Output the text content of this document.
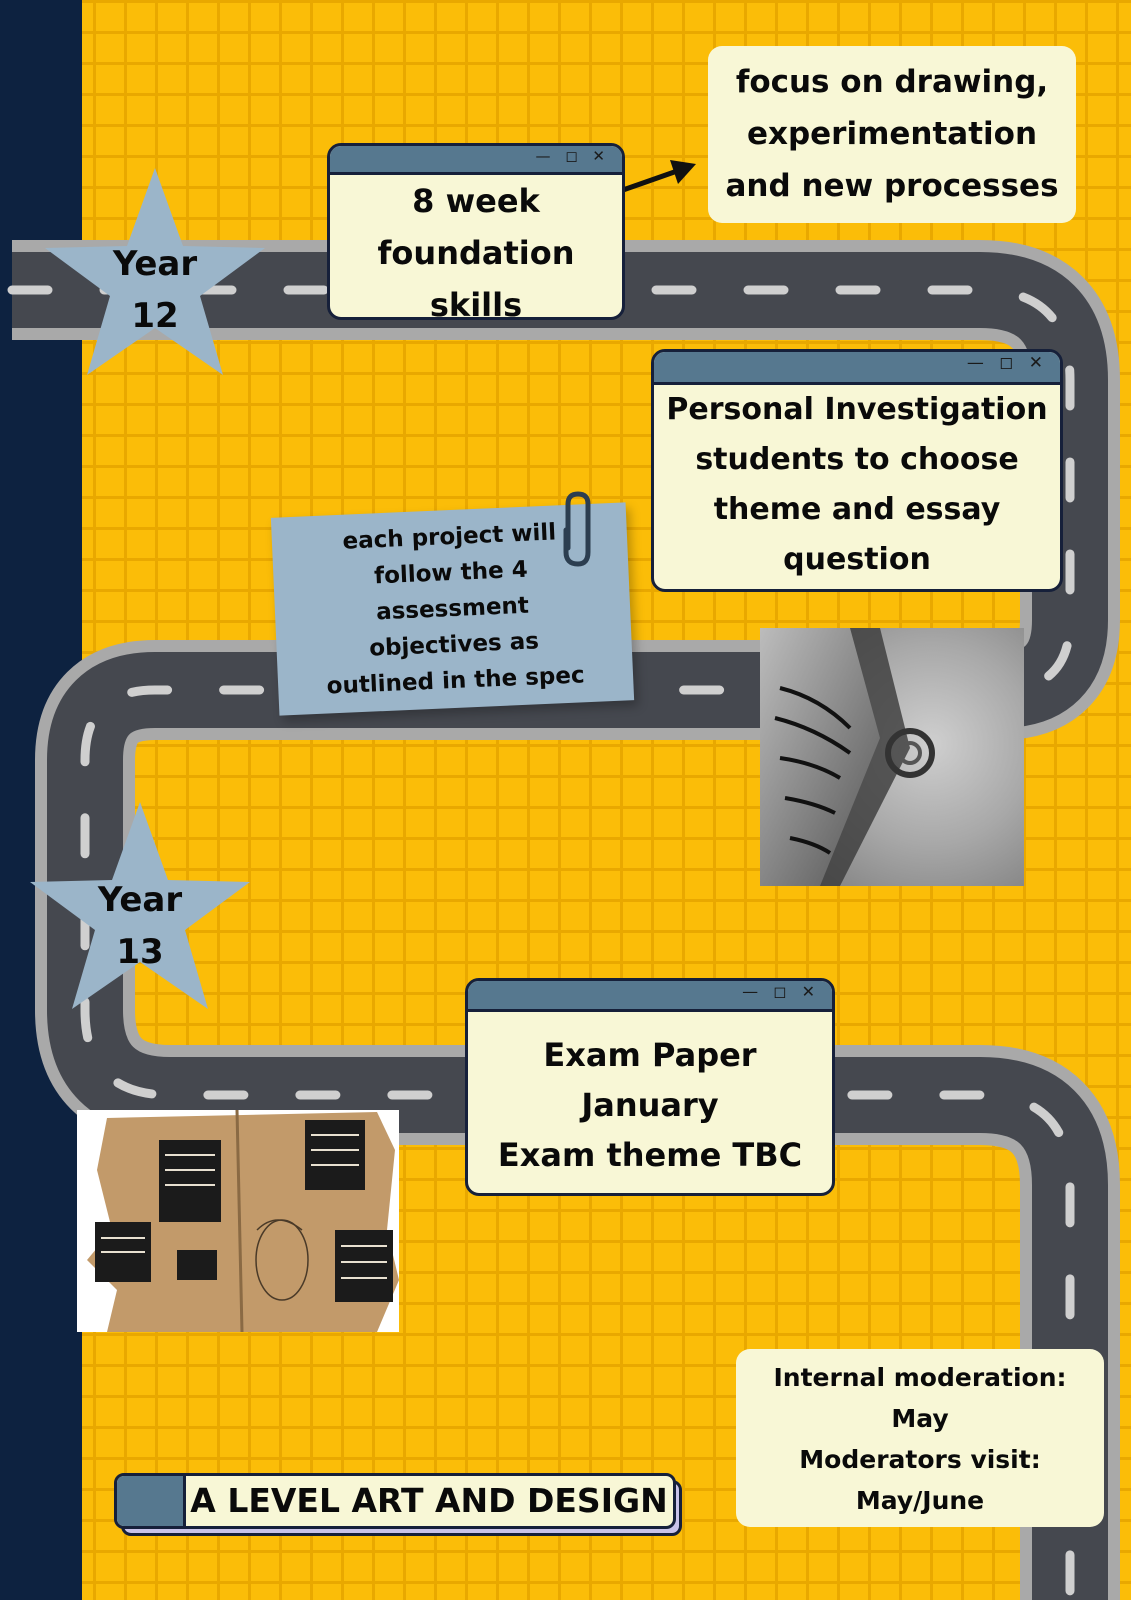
Year
12
Year
13
focus on drawing,
experimentation
and new processes
— ◻ ✕
8 week
foundation
skills
— ◻ ✕
Personal Investigation
students to choose
theme and essay
question
each project will
follow the 4
assessment
objectives as
outlined in the spec
— ◻ ✕
Exam Paper
January
Exam theme TBC
Internal moderation:
May
Moderators visit:
May/June
A LEVEL ART AND DESIGN
